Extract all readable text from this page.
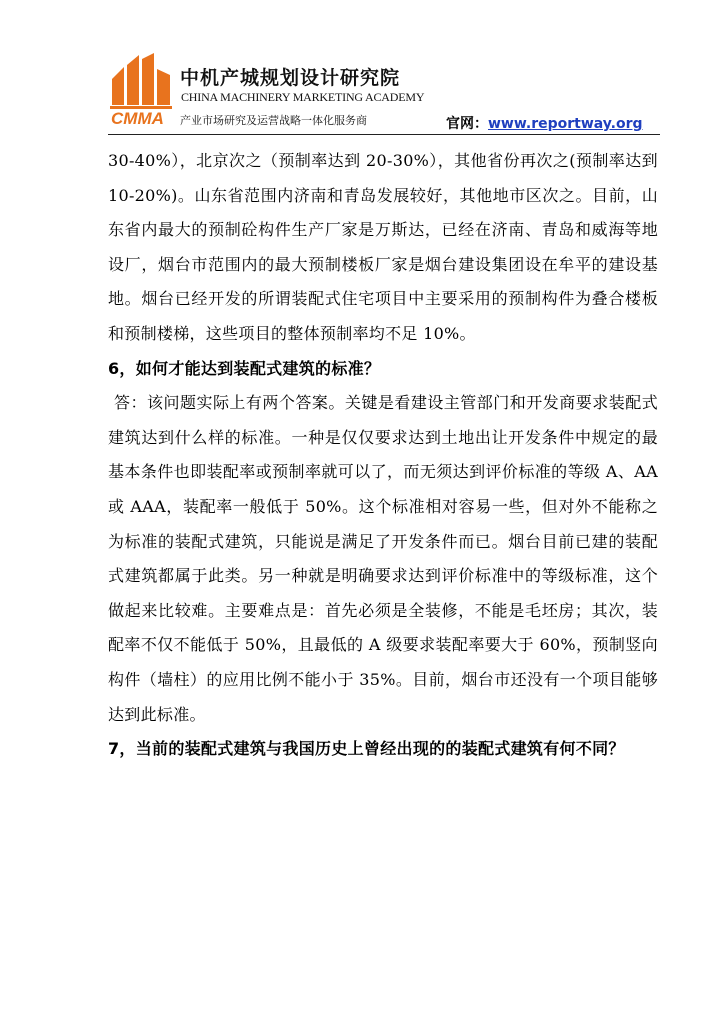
中机产城规划设计研究院
CHINA MACHINERY MARKETING ACADEMY
CMMA 产业市场研究及运营战略一体化服务商	官网：www.reportway.org

30-40%），北京次之（预制率达到 20-30%），其他省份再次之(预制率达到 10-20%)。山东省范围内济南和青岛发展较好，其他地市区次之。目前，山东省内最大的预制砼构件生产厂家是万斯达，已经在济南、青岛和威海等地设厂，烟台市范围内的最大预制楼板厂家是烟台建设集团设在牟平的建设基地。烟台已经开发的所谓装配式住宅项目中主要采用的预制构件为叠合楼板和预制楼梯，这些项目的整体预制率均不足 10%。

6，如何才能达到装配式建筑的标准？

答：该问题实际上有两个答案。关键是看建设主管部门和开发商要求装配式建筑达到什么样的标准。一种是仅仅要求达到土地出让开发条件中规定的最基本条件也即装配率或预制率就可以了，而无须达到评价标准的等级 A、AA 或 AAA，装配率一般低于 50%。这个标准相对容易一些，但对外不能称之为标准的装配式建筑，只能说是满足了开发条件而已。烟台目前已建的装配式建筑都属于此类。另一种就是明确要求达到评价标准中的等级标准，这个做起来比较难。主要难点是：首先必须是全装修，不能是毛坯房；其次，装配率不仅不能低于 50%，且最低的 A 级要求装配率要大于 60%，预制竖向构件（墙柱）的应用比例不能小于 35%。目前，烟台市还没有一个项目能够达到此标准。

7，当前的装配式建筑与我国历史上曾经出现的的装配式建筑有何不同？
